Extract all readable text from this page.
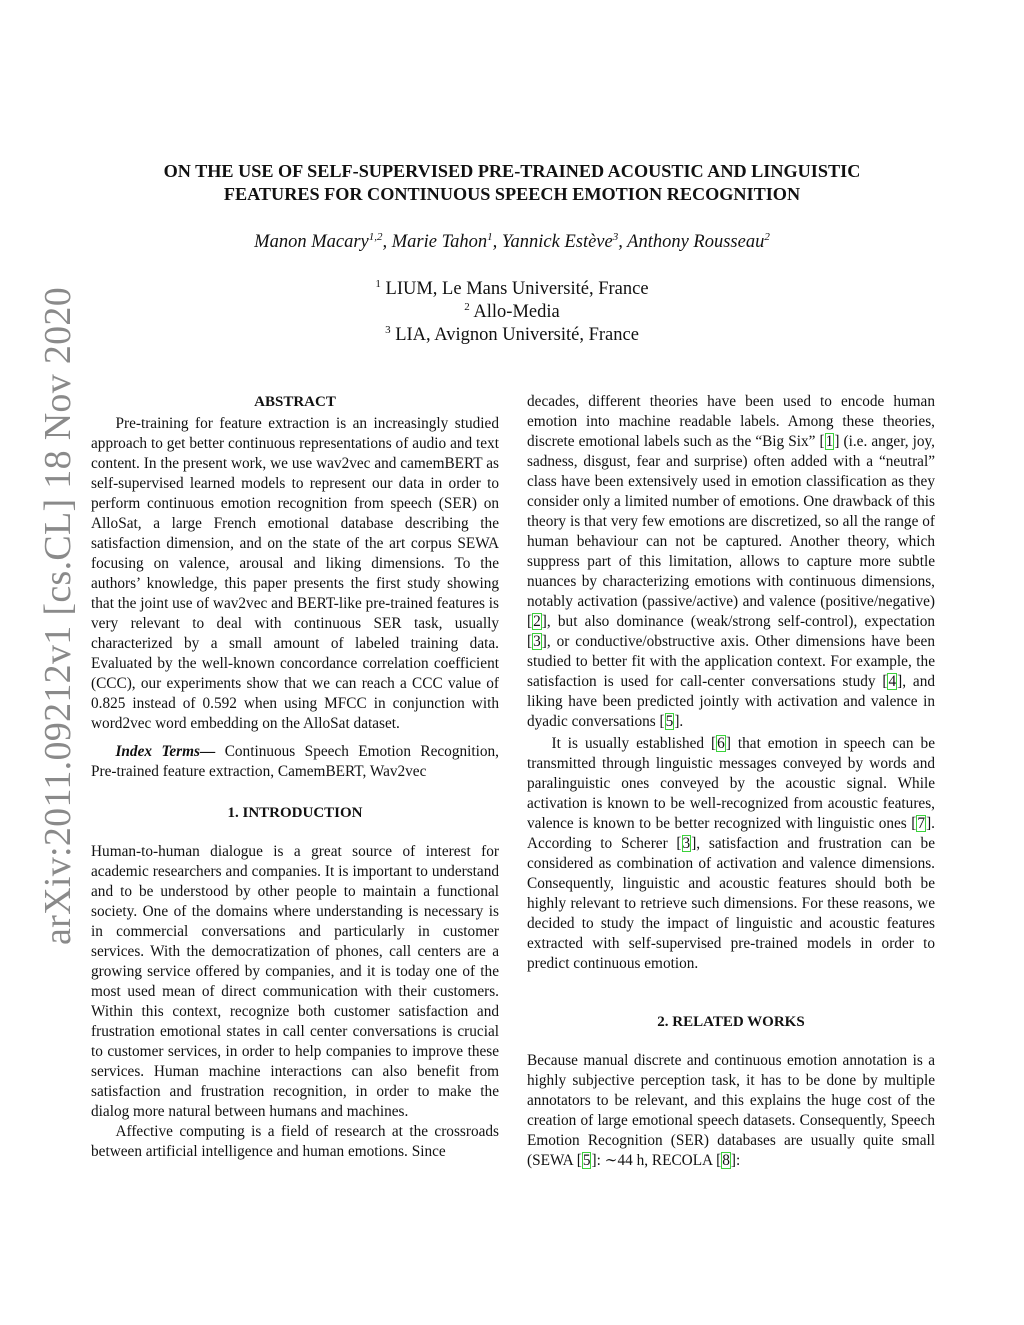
arXiv:2011.09212v1 [cs.CL] 18 Nov 2020
ON THE USE OF SELF-SUPERVISED PRE-TRAINED ACOUSTIC AND LINGUISTIC
FEATURES FOR CONTINUOUS SPEECH EMOTION RECOGNITION
Manon Macary$^{1,2}$, Marie Tahon$^1$, Yannick Estève$^3$, Anthony Rousseau$^2$
$^1$ LIUM, Le Mans Université, France
$^2$ Allo-Media
$^3$ LIA, Avignon Université, France
ABSTRACT

Pre-training for feature extraction is an increasingly studied approach to get better continuous representations of audio and text content. In the present work, we use wav2vec and camemBERT as self-supervised learned models to represent our data in order to perform continuous emotion recognition from speech (SER) on AlloSat, a large French emotional database describing the satisfaction dimension, and on the state of the art corpus SEWA focusing on valence, arousal and liking dimensions. To the authors’ knowledge, this paper presents the first study showing that the joint use of wav2vec and BERT-like pre-trained features is very relevant to deal with continuous SER task, usually characterized by a small amount of labeled training data. Evaluated by the well-known concordance correlation coefficient (CCC), our experiments show that we can reach a CCC value of 0.825 instead of 0.592 when using MFCC in conjunction with word2vec word embedding on the AlloSat dataset.

Index Terms— Continuous Speech Emotion Recognition, Pre-trained feature extraction, CamemBERT, Wav2vec

1. INTRODUCTION

Human-to-human dialogue is a great source of interest for academic researchers and companies. It is important to understand and to be understood by other people to maintain a functional society. One of the domains where understanding is necessary is in commercial conversations and particularly in customer services. With the democratization of phones, call centers are a growing service offered by companies, and it is today one of the most used mean of direct communication with their customers. Within this context, recognize both customer satisfaction and frustration emotional states in call center conversations is crucial to customer services, in order to help companies to improve these services. Human machine interactions can also benefit from satisfaction and frustration recognition, in order to make the dialog more natural between humans and machines.

Affective computing is a field of research at the crossroads between artificial intelligence and human emotions. Since

decades, different theories have been used to encode human emotion into machine readable labels. Among these theories, discrete emotional labels such as the “Big Six” [1] (i.e. anger, joy, sadness, disgust, fear and surprise) often added with a “neutral” class have been extensively used in emotion classification as they consider only a limited number of emotions. One drawback of this theory is that very few emotions are discretized, so all the range of human behaviour can not be captured. Another theory, which suppress part of this limitation, allows to capture more subtle nuances by characterizing emotions with continuous dimensions, notably activation (passive/active) and valence (positive/negative) [2], but also dominance (weak/strong self-control), expectation [3], or conductive/obstructive axis. Other dimensions have been studied to better fit with the application context. For example, the satisfaction is used for call-center conversations study [4], and liking have been predicted jointly with activation and valence in dyadic conversations [5].

It is usually established [6] that emotion in speech can be transmitted through linguistic messages conveyed by words and paralinguistic ones conveyed by the acoustic signal. While activation is known to be well-recognized from acoustic features, valence is known to be better recognized with linguistic ones [7]. According to Scherer [3], satisfaction and frustration can be considered as combination of activation and valence dimensions. Consequently, linguistic and acoustic features should both be highly relevant to retrieve such dimensions. For these reasons, we decided to study the impact of linguistic and acoustic features extracted with self-supervised pre-trained models in order to predict continuous emotion.

2. RELATED WORKS

Because manual discrete and continuous emotion annotation is a highly subjective perception task, it has to be done by multiple annotators to be relevant, and this explains the huge cost of the creation of large emotional speech datasets. Consequently, Speech Emotion Recognition (SER) databases are usually quite small (SEWA [5]: ∼44 h, RECOLA [8]:
